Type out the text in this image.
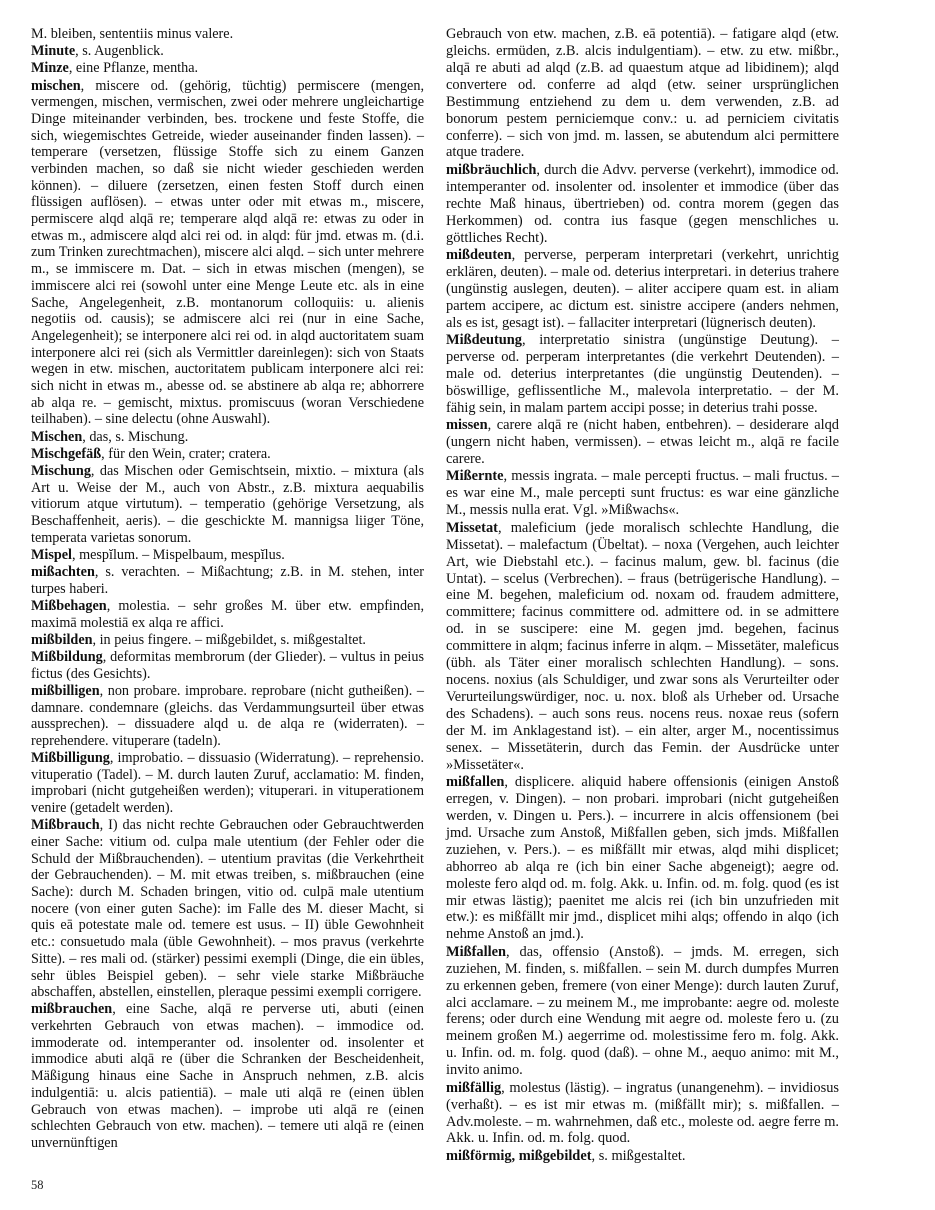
M. bleiben, sententiis minus valere.

Minute, s. Augenblick.

Minze, eine Pflanze, mentha.

mischen, miscere od. (gehörig, tüchtig) permiscere (mengen, vermengen, mischen, vermischen, zwei oder mehrere ungleichartige Dinge miteinander verbinden, bes. trockene und feste Stoffe, die sich, wiegemischtes Getreide, wieder auseinander finden lassen). – temperare (versetzen, flüssige Stoffe sich zu einem Ganzen verbinden machen, so daß sie nicht wieder geschieden werden können). – diluere (zersetzen, einen festen Stoff durch einen flüssigen auflösen). – etwas unter oder mit etwas m., miscere, permiscere alqd alqā re; temperare alqd alqā re: etwas zu oder in etwas m., admiscere alqd alci rei od. in alqd: für jmd. etwas m. (d.i. zum Trinken zurechtmachen), miscere alci alqd. – sich unter mehrere m., se immiscere m. Dat. – sich in etwas mischen (mengen), se immiscere alci rei (sowohl unter eine Menge Leute etc. als in eine Sache, Angelegenheit, z.B. montanorum colloquiis: u. alienis negotiis od. causis); se admiscere alci rei (nur in eine Sache, Angelegenheit); se interponere alci rei od. in alqd auctoritatem suam interponere alci rei (sich als Vermittler dareinlegen): sich von Staats wegen in etw. mischen, auctoritatem publicam interponere alci rei: sich nicht in etwas m., abesse od. se abstinere ab alqa re; abhorrere ab alqa re. – gemischt, mixtus. promiscuus (woran Verschiedene teilhaben). – sine delectu (ohne Auswahl).

Mischen, das, s. Mischung.

Mischgefäß, für den Wein, crater; cratera.

Mischung, das Mischen oder Gemischtsein, mixtio. – mixtura (als Art u. Weise der M., auch von Abstr., z.B. mixtura aequabilis vitiorum atque virtutum). – temperatio (gehörige Versetzung, als Beschaffenheit, aeris). – die geschickte M. mannigsa liiger Töne, temperata varietas sonorum.

Mispel, mespĭlum. – Mispelbaum, mespĭlus.

mißachten, s. verachten. – Mißachtung; z.B. in M. stehen, inter turpes haberi.

Mißbehagen, molestia. – sehr großes M. über etw. empfinden, maximā molestiā ex alqa re affici.

mißbilden, in peius fingere. – mißgebildet, s. mißgestaltet.

Mißbildung, deformitas membrorum (der Glieder). – vultus in peius fictus (des Gesichts).

mißbilligen, non probare. improbare. reprobare (nicht gutheißen). – damnare. condemnare (gleichs. das Verdammungsurteil über etwas aussprechen). – dissuadere alqd u. de alqa re (widerraten). – reprehendere. vituperare (tadeln).

Mißbilligung, improbatio. – dissuasio (Widerratung). – reprehensio. vituperatio (Tadel). – M. durch lauten Zuruf, acclamatio: M. finden, improbari (nicht gutgeheißen werden); vituperari. in vituperationem venire (getadelt werden).

Mißbrauch, I) das nicht rechte Gebrauchen oder Gebrauchtwerden einer Sache: vitium od. culpa male utentium (der Fehler oder die Schuld der Mißbrauchenden). – utentium pravitas (die Verkehrtheit der Gebrauchenden). – M. mit etwas treiben, s. mißbrauchen (eine Sache): durch M. Schaden bringen, vitio od. culpā male utentium nocere (von einer guten Sache): im Falle des M. dieser Macht, si quis eā potestate male od. temere est usus. – II) üble Gewohnheit etc.: consuetudo mala (üble Gewohnheit). – mos pravus (verkehrte Sitte). – res mali od. (stärker) pessimi exempli (Dinge, die ein übles, sehr übles Beispiel geben). – sehr viele starke Mißbräuche abschaffen, abstellen, einstellen, pleraque pessimi exempli corrigere.

mißbrauchen, eine Sache, alqā re perverse uti, abuti (einen verkehrten Gebrauch von etwas machen). – immodice od. immoderate od. intemperanter od. insolenter od. insolenter et immodice abuti alqā re (über die Schranken der Bescheidenheit, Mäßigung hinaus eine Sache in Anspruch nehmen, z.B. alcis indulgentiā: u. alcis patientiā). – male uti alqā re (einen üblen Gebrauch von etwas machen). – improbe uti alqā re (einen schlechten Gebrauch von etw. machen). – temere uti alqā re (einen unvernünftigen

Gebrauch von etw. machen, z.B. eā potentiā). – fatigare alqd (etw. gleichs. ermüden, z.B. alcis indulgentiam). – etw. zu etw. mißbr., alqā re abuti ad alqd (z.B. ad quaestum atque ad libidinem); alqd convertere od. conferre ad alqd (etw. seiner ursprünglichen Bestimmung entziehend zu dem u. dem verwenden, z.B. ad bonorum pestem perniciemque conv.: u. ad perniciem civitatis conferre). – sich von jmd. m. lassen, se abutendum alci permittere atque tradere.

mißbräuchlich, durch die Advv. perverse (verkehrt), immodice od. intemperanter od. insolenter od. insolenter et immodice (über das rechte Maß hinaus, übertrieben) od. contra morem (gegen das Herkommen) od. contra ius fasque (gegen menschliches u. göttliches Recht).

mißdeuten, perverse, perperam interpretari (verkehrt, unrichtig erklären, deuten). – male od. deterius interpretari. in deterius trahere (ungünstig auslegen, deuten). – aliter accipere quam est. in aliam partem accipere, ac dictum est. sinistre accipere (anders nehmen, als es ist, gesagt ist). – fallaciter interpretari (lügnerisch deuten).

Mißdeutung, interpretatio sinistra (ungünstige Deutung). – perverse od. perperam interpretantes (die verkehrt Deutenden). – male od. deterius interpretantes (die ungünstig Deutenden). – böswillige, geflissentliche M., malevola interpretatio. – der M. fähig sein, in malam partem accipi posse; in deterius trahi posse.

missen, carere alqā re (nicht haben, entbehren). – desiderare alqd (ungern nicht haben, vermissen). – etwas leicht m., alqā re facile carere.

Mißernte, messis ingrata. – male percepti fructus. – mali fructus. – es war eine M., male percepti sunt fructus: es war eine gänzliche M., messis nulla erat. Vgl. »Mißwachs«.

Missetat, maleficium (jede moralisch schlechte Handlung, die Missetat). – malefactum (Übeltat). – noxa (Vergehen, auch leichter Art, wie Diebstahl etc.). – facinus malum, gew. bl. facinus (die Untat). – scelus (Verbrechen). – fraus (betrügerische Handlung). – eine M. begehen, maleficium od. noxam od. fraudem admittere, committere; facinus committere od. admittere od. in se admittere od. in se suscipere: eine M. gegen jmd. begehen, facinus committere in alqm; facinus inferre in alqm. – Missetäter, maleficus (übh. als Täter einer moralisch schlechten Handlung). – sons. nocens. noxius (als Schuldiger, und zwar sons als Verurteilter oder Verurteilungswürdiger, noc. u. nox. bloß als Urheber od. Ursache des Schadens). – auch sons reus. nocens reus. noxae reus (sofern der M. im Anklagestand ist). – ein alter, arger M., nocentissimus senex. – Missetäterin, durch das Femin. der Ausdrücke unter »Missetäter«.

mißfallen, displicere. aliquid habere offensionis (einigen Anstoß erregen, v. Dingen). – non probari. improbari (nicht gutgeheißen werden, v. Dingen u. Pers.). – incurrere in alcis offensionem (bei jmd. Ursache zum Anstoß, Mißfallen geben, sich jmds. Mißfallen zuziehen, v. Pers.). – es mißfällt mir etwas, alqd mihi displicet; abhorreo ab alqa re (ich bin einer Sache abgeneigt); aegre od. moleste fero alqd od. m. folg. Akk. u. Infin. od. m. folg. quod (es ist mir etwas lästig); paenitet me alcis rei (ich bin unzufrieden mit etw.): es mißfällt mir jmd., displicet mihi alqs; offendo in alqo (ich nehme Anstoß an jmd.).

Mißfallen, das, offensio (Anstoß). – jmds. M. erregen, sich zuziehen, M. finden, s. mißfallen. – sein M. durch dumpfes Murren zu erkennen geben, fremere (von einer Menge): durch lauten Zuruf, alci acclamare. – zu meinem M., me improbante: aegre od. moleste ferens; oder durch eine Wendung mit aegre od. moleste fero u. (zu meinem großen M.) aegerrime od. molestissime fero m. folg. Akk. u. Infin. od. m. folg. quod (daß). – ohne M., aequo animo: mit M., invito animo.

mißfällig, molestus (lästig). – ingratus (unangenehm). – invidiosus (verhaßt). – es ist mir etwas m. (mißfällt mir); s. mißfallen. – Adv.moleste. – m. wahrnehmen, daß etc., moleste od. aegre ferre m. Akk. u. Infin. od. m. folg. quod.

mißförmig, mißgebildet, s. mißgestaltet.

58
